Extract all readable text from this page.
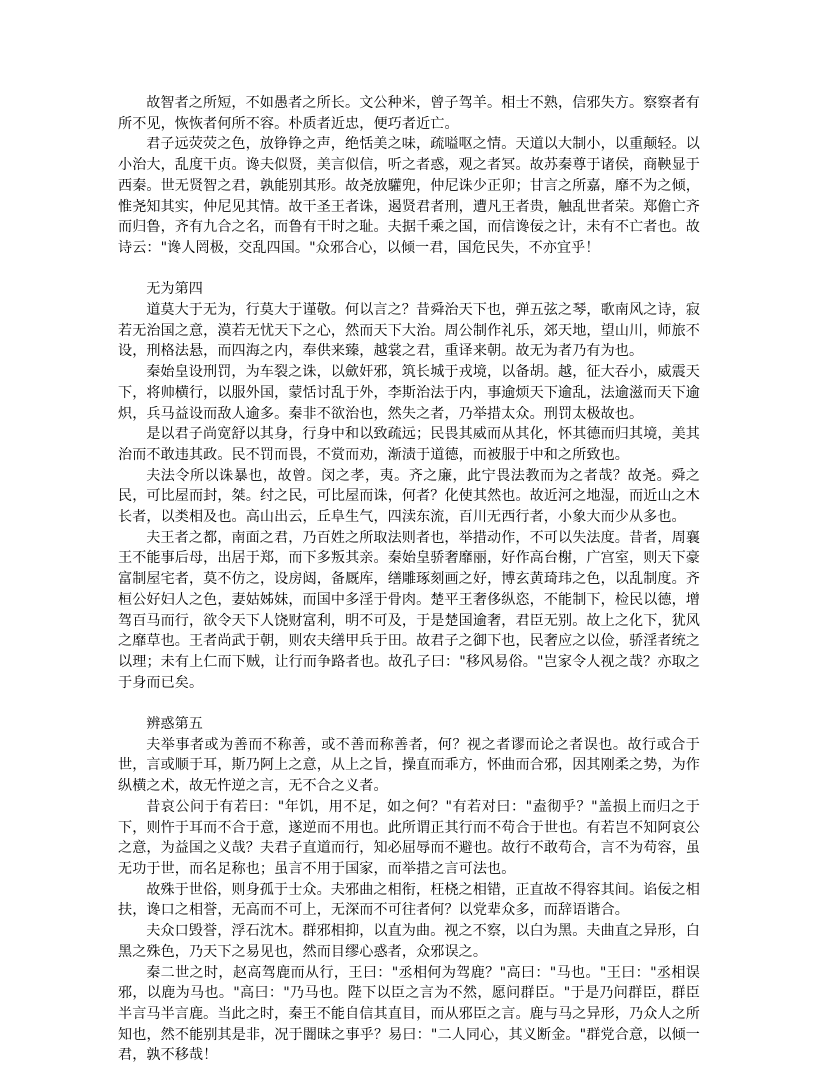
故智者之所短，不如愚者之所长。文公种米，曾子驾羊。相士不熟，信邪失方。察察者有所不见，恢恢者何所不容。朴质者近忠，便巧者近亡。

君子远荧荧之色，放铮铮之声，绝恬美之味，疏嗌呕之情。天道以大制小，以重颠轻。以小治大，乱度干贞。谗夫似贤，美言似信，听之者惑，观之者冥。故苏秦尊于诸侯，商鞅显于西秦。世无贤智之君，孰能别其形。故尧放驩兜，仲尼诛少正卯；甘言之所嘉，靡不为之倾，惟尧知其实，仲尼见其情。故干圣王者诛，遏贤君者刑，遭凡王者贵，触乱世者荣。郑儋亡齐而归鲁，齐有九合之名，而鲁有干时之耻。夫据千乘之国，而信谗佞之计，未有不亡者也。故诗云："谗人罔极，交乱四国。"众邪合心，以倾一君，国危民失，不亦宜乎！

无为第四

道莫大于无为，行莫大于谨敬。何以言之？昔舜治天下也，弹五弦之琴，歌南风之诗，寂若无治国之意，漠若无忧天下之心，然而天下大治。周公制作礼乐，郊天地，望山川，师旅不设，刑格法悬，而四海之内，奉供来臻，越裳之君，重译来朝。故无为者乃有为也。

秦始皇设刑罚，为车裂之诛，以歛奸邪，筑长城于戎境，以备胡。越，征大吞小，威震天下，将帅横行，以服外国，蒙恬讨乱于外，李斯治法于内，事逾烦天下逾乱，法逾滋而天下逾炽，兵马益设而敌人逾多。秦非不欲治也，然失之者，乃举措太众。刑罚太极故也。

是以君子尚宽舒以其身，行身中和以致疏远；民畏其威而从其化，怀其德而归其境，美其治而不敢违其政。民不罚而畏，不赏而劝，渐渍于道德，而被服于中和之所致也。

夫法令所以诛暴也，故曾。闵之孝，夷。齐之廉，此宁畏法教而为之者哉？故尧。舜之民，可比屋而封，桀。纣之民，可比屋而诛，何者？化使其然也。故近河之地湿，而近山之木长者，以类相及也。高山出云，丘阜生气，四渎东流，百川无西行者，小象大而少从多也。

夫王者之都，南面之君，乃百姓之所取法则者也，举措动作，不可以失法度。昔者，周襄王不能事后母，出居于郑，而下多叛其亲。秦始皇骄奢靡丽，好作高台榭，广宫室，则天下豪富制屋宅者，莫不仿之，设房闼，备厩库，缮雕琢刻画之好，博玄黄琦玮之色，以乱制度。齐桓公好妇人之色，妻姑姊妹，而国中多淫于骨肉。楚平王奢侈纵恣，不能制下，检民以德，增驾百马而行，欲令天下人饶财富利，明不可及，于是楚国逾奢，君臣无别。故上之化下，犹风之靡草也。王者尚武于朝，则农夫缮甲兵于田。故君子之御下也，民奢应之以俭，骄淫者统之以理；未有上仁而下贼，让行而争路者也。故孔子曰："移风易俗。"岂家令人视之哉？亦取之于身而已矣。

辨惑第五

夫举事者或为善而不称善，或不善而称善者，何？视之者谬而论之者误也。故行或合于世，言或顺于耳，斯乃阿上之意，从上之旨，操直而乖方，怀曲而合邪，因其刚柔之势，为作纵横之术，故无忤逆之言，无不合之义者。

昔哀公问于有若曰："年饥，用不足，如之何？"有若对曰："盍彻乎？"盖损上而归之于下，则忤于耳而不合于意，遂逆而不用也。此所谓正其行而不苟合于世也。有若岂不知阿哀公之意，为益国之义哉？夫君子直道而行，知必屈辱而不避也。故行不敢苟合，言不为苟容，虽无功于世，而名足称也；虽言不用于国家，而举措之言可法也。

故殊于世俗，则身孤于士众。夫邪曲之相衔，枉桡之相错，正直故不得容其间。谄佞之相扶，谗口之相誉，无高而不可上，无深而不可往者何？以党辈众多，而辞语谐合。

夫众口毁誉，浮石沈木。群邪相抑，以直为曲。视之不察，以白为黑。夫曲直之异形，白黑之殊色，乃天下之易见也，然而目缪心惑者，众邪误之。

秦二世之时，赵高驾鹿而从行，王曰："丞相何为驾鹿？"高曰："马也。"王曰："丞相误邪，以鹿为马也。"高曰："乃马也。陛下以臣之言为不然，愿问群臣。"于是乃问群臣，群臣半言马半言鹿。当此之时，秦王不能自信其直目，而从邪臣之言。鹿与马之异形，乃众人之所知也，然不能别其是非，况于闇昧之事乎？易曰："二人同心，其义断金。"群党合意，以倾一君，孰不移哉！
